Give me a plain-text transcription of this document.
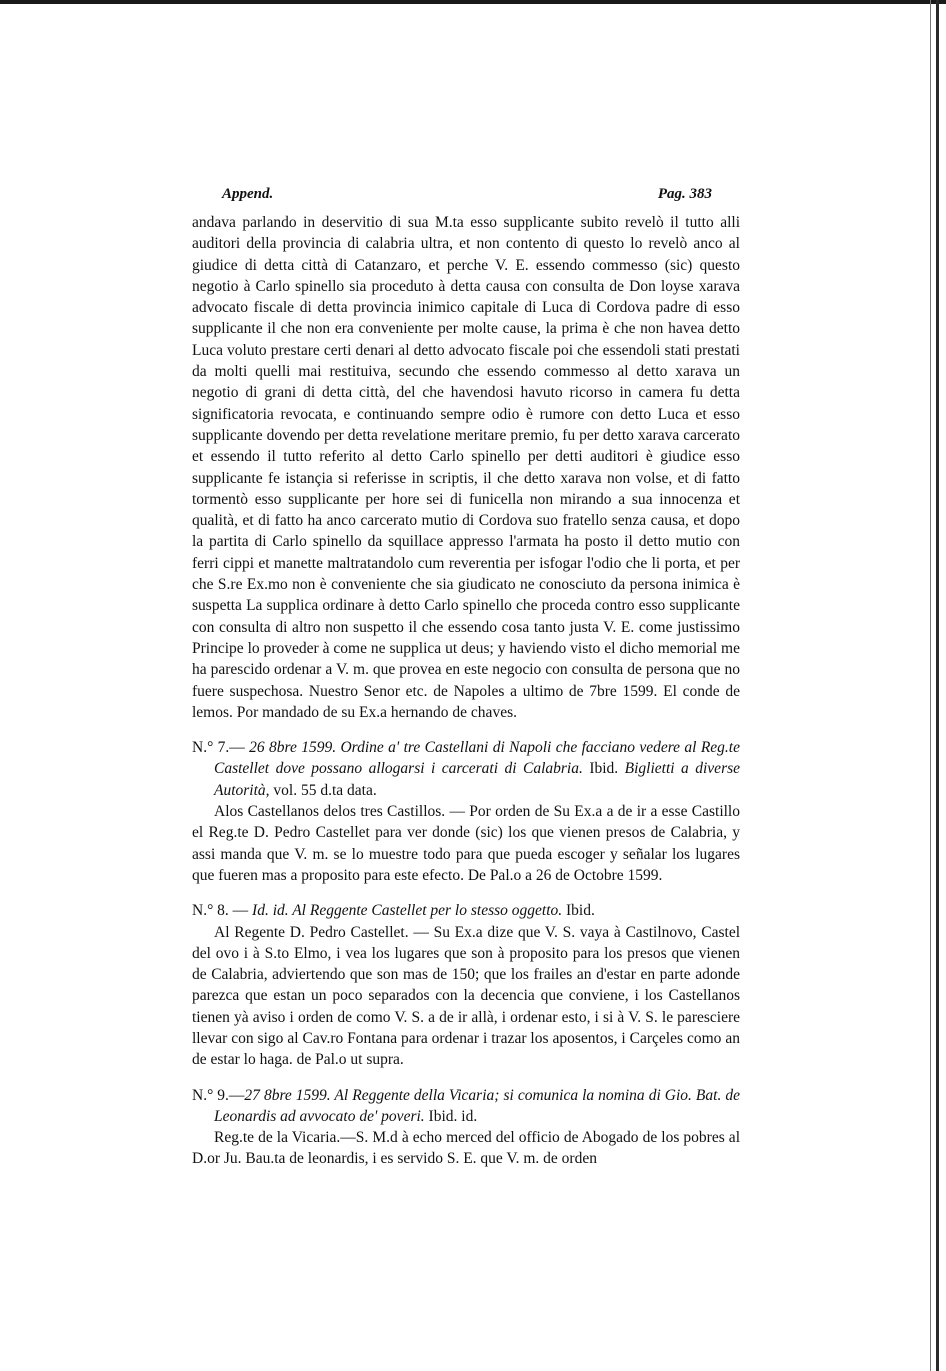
Append.	Pag. 383

andava parlando in deservitio di sua M.ta esso supplicante subito revelò il tutto alli auditori della provincia di calabria ultra, et non contento di questo lo revelò anco al giudice di detta città di Catanzaro, et perche V. E. essendo commesso (sic) questo negotio à Carlo spinello sia proceduto à detta causa con consulta de Don loyse xarava advocato fiscale di detta provincia inimico capitale di Luca di Cordova padre di esso supplicante il che non era conveniente per molte cause, la prima è che non havea detto Luca voluto prestare certi denari al detto advocato fiscale poi che essendoli stati prestati da molti quelli mai restituiva, secundo che essendo commesso al detto xarava un negotio di grani di detta città, del che havendosi havuto ricorso in camera fu detta significatoria revocata, e continuando sempre odio è rumore con detto Luca et esso supplicante dovendo per detta revelatione meritare premio, fu per detto xarava carcerato et essendo il tutto referito al detto Carlo spinello per detti auditori è giudice esso supplicante fe istançia si referisse in scriptis, il che detto xarava non volse, et di fatto tormentò esso supplicante per hore sei di funicella non mirando a sua innocenza et qualità, et di fatto ha anco carcerato mutio di Cordova suo fratello senza causa, et dopo la partita di Carlo spinello da squillace appresso l'armata ha posto il detto mutio con ferri cippi et manette maltratandolo cum reverentia per isfogar l'odio che li porta, et per che S.re Ex.mo non è conveniente che sia giudicato ne conosciuto da persona inimica è suspetta La supplica ordinare à detto Carlo spinello che proceda contro esso supplicante con consulta di altro non suspetto il che essendo cosa tanto justa V. E. come justissimo Principe lo proveder à come ne supplica ut deus; y haviendo visto el dicho memorial me ha parescido ordenar a V. m. que provea en este negocio con consulta de persona que no fuere suspechosa. Nuestro Senor etc. de Napoles a ultimo de 7bre 1599. El conde de lemos. Por mandado de su Ex.a hernando de chaves.

N.° 7.— 26 8bre 1599. Ordine a' tre Castellani di Napoli che facciano vedere al Reg.te Castellet dove possano allogarsi i carcerati di Calabria. Ibid. Biglietti a diverse Autorità, vol. 55 d.ta data.

Alos Castellanos delos tres Castillos. — Por orden de Su Ex.a a de ir a esse Castillo el Reg.te D. Pedro Castellet para ver donde (sic) los que vienen presos de Calabria, y assi manda que V. m. se lo muestre todo para que pueda escoger y señalar los lugares que fueren mas a proposito para este efecto. De Pal.o a 26 de Octobre 1599.

N.° 8. — Id. id. Al Reggente Castellet per lo stesso oggetto. Ibid.

Al Regente D. Pedro Castellet. — Su Ex.a dize que V. S. vaya à Castilnovo, Castel del ovo i à S.to Elmo, i vea los lugares que son à proposito para los presos que vienen de Calabria, adviertendo que son mas de 150; que los frailes an d'estar en parte adonde parezca que estan un poco separados con la decencia que conviene, i los Castellanos tienen yà aviso i orden de como V. S. a de ir allà, i ordenar esto, i si à V. S. le paresciere llevar con sigo al Cav.ro Fontana para ordenar i trazar los aposentos, i Carçeles como an de estar lo haga. de Pal.o ut supra.

N.° 9.—27 8bre 1599. Al Reggente della Vicaria; si comunica la nomina di Gio. Bat. de Leonardis ad avvocato de' poveri. Ibid. id.

Reg.te de la Vicaria.—S. M.d à echo merced del officio de Abogado de los pobres al D.or Ju. Bau.ta de leonardis, i es servido S. E. que V. m. de orden
